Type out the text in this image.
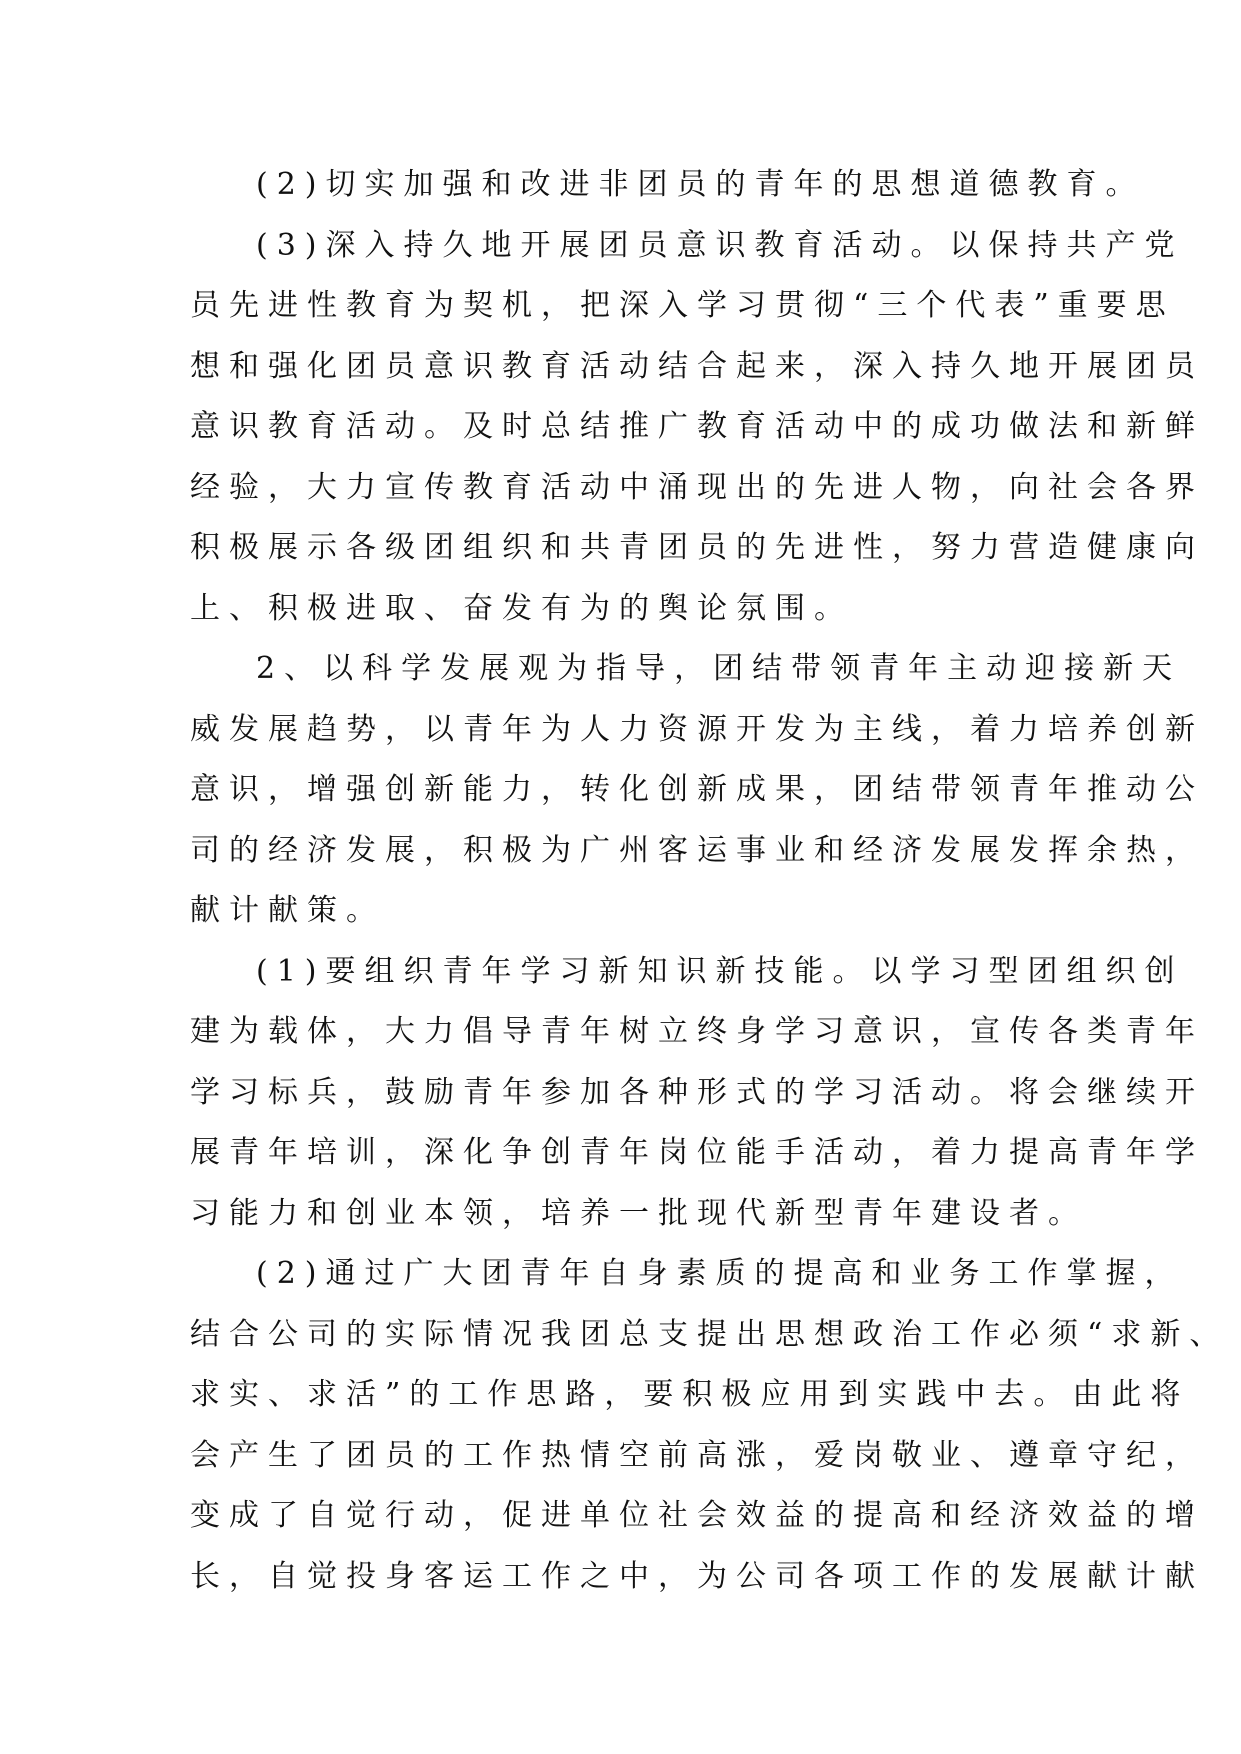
(2)切实加强和改进非团员的青年的思想道德教育。
(3)深入持久地开展团员意识教育活动。以保持共产党
员先进性教育为契机，把深入学习贯彻“三个代表”重要思
想和强化团员意识教育活动结合起来，深入持久地开展团员
意识教育活动。及时总结推广教育活动中的成功做法和新鲜
经验，大力宣传教育活动中涌现出的先进人物，向社会各界
积极展示各级团组织和共青团员的先进性，努力营造健康向
上、积极进取、奋发有为的舆论氛围。
2、以科学发展观为指导，团结带领青年主动迎接新天
威发展趋势，以青年为人力资源开发为主线，着力培养创新
意识，增强创新能力，转化创新成果，团结带领青年推动公
司的经济发展，积极为广州客运事业和经济发展发挥余热，
献计献策。
(1)要组织青年学习新知识新技能。以学习型团组织创
建为载体，大力倡导青年树立终身学习意识，宣传各类青年
学习标兵，鼓励青年参加各种形式的学习活动。将会继续开
展青年培训，深化争创青年岗位能手活动，着力提高青年学
习能力和创业本领，培养一批现代新型青年建设者。
(2)通过广大团青年自身素质的提高和业务工作掌握，
结合公司的实际情况我团总支提出思想政治工作必须“求新、
求实、求活”的工作思路，要积极应用到实践中去。由此将
会产生了团员的工作热情空前高涨，爱岗敬业、遵章守纪，
变成了自觉行动，促进单位社会效益的提高和经济效益的增
长，自觉投身客运工作之中，为公司各项工作的发展献计献
